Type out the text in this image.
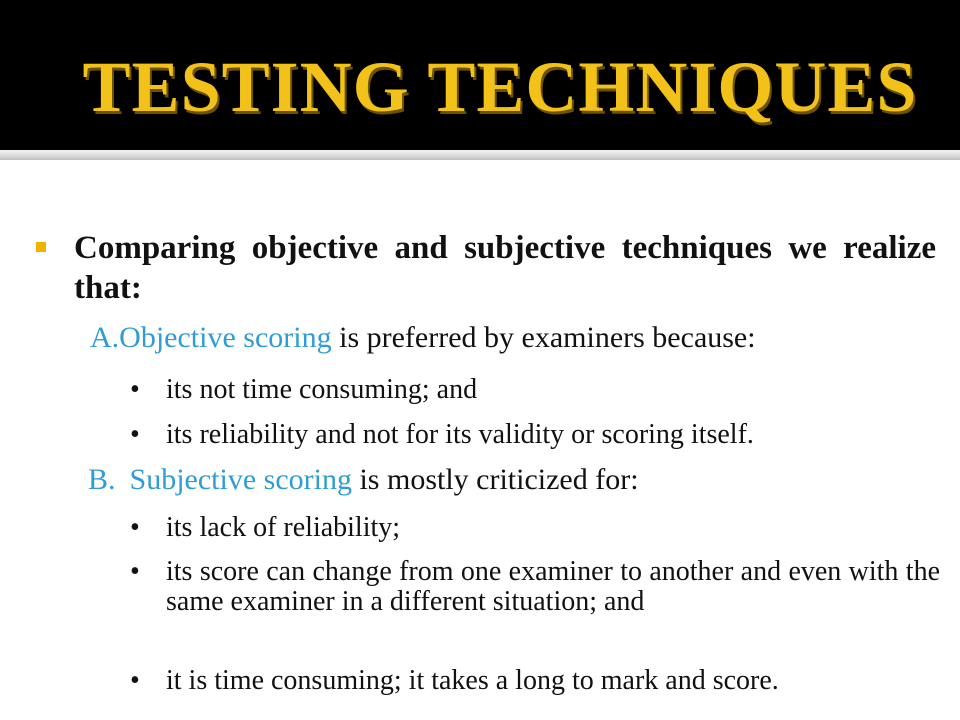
TESTING TECHNIQUES
Comparing objective and subjective techniques we realize that:
A.Objective scoring is preferred by examiners because:
• its not time consuming; and
• its reliability and not for its validity or scoring itself.
B. Subjective scoring is mostly criticized for:
• its lack of reliability;
• its score can change from one examiner to another and even with the same examiner in a different situation; and
• it is time consuming; it takes a long to mark and score.
